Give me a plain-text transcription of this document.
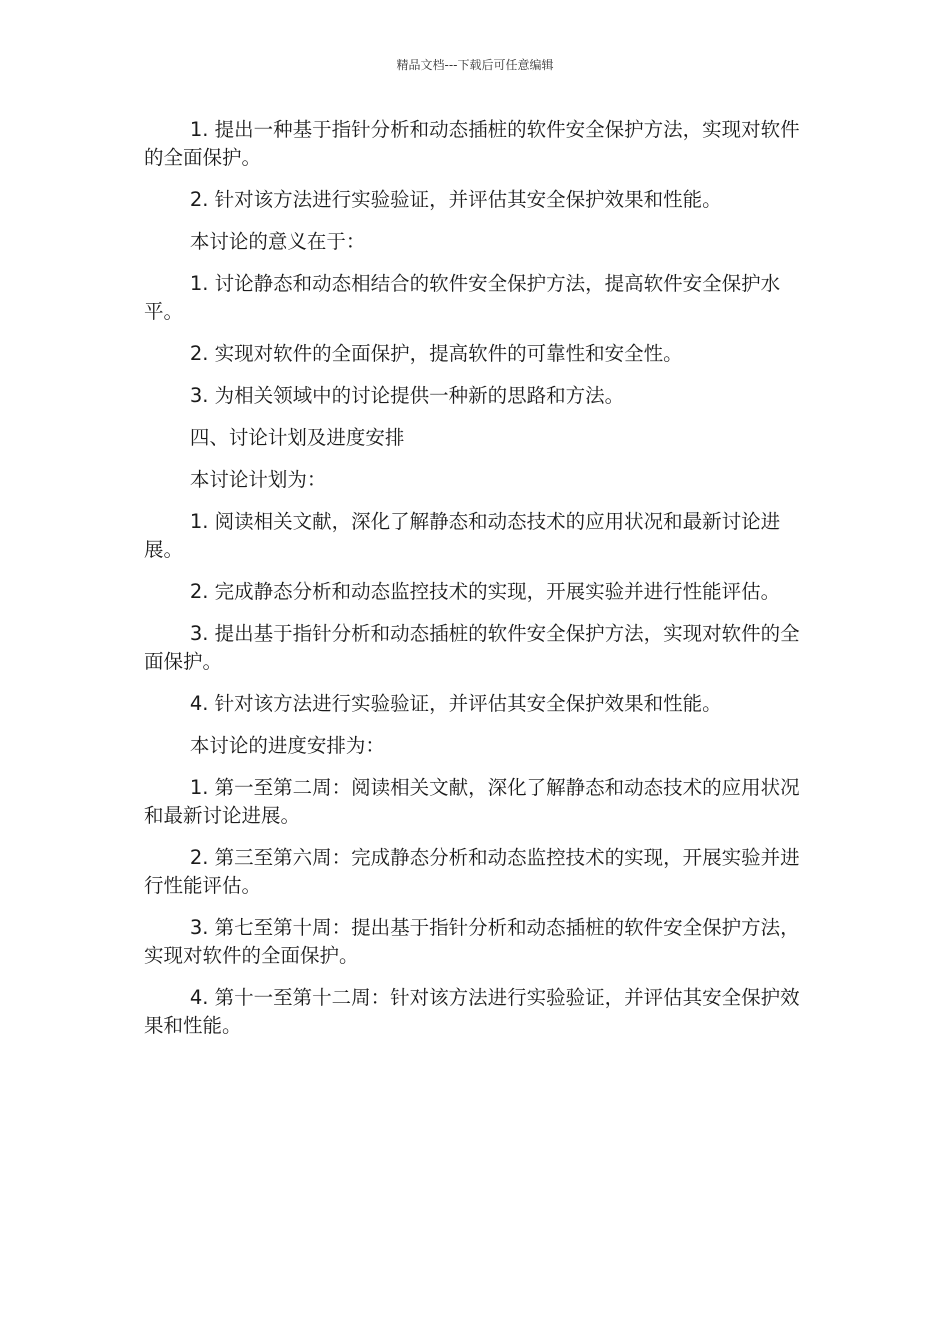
精品文档---下载后可任意编辑

1. 提出一种基于指针分析和动态插桩的软件安全保护方法，实现对软件的全面保护。

2. 针对该方法进行实验验证，并评估其安全保护效果和性能。

本讨论的意义在于：

1. 讨论静态和动态相结合的软件安全保护方法，提高软件安全保护水平。

2. 实现对软件的全面保护，提高软件的可靠性和安全性。

3. 为相关领域中的讨论提供一种新的思路和方法。

四、讨论计划及进度安排

本讨论计划为：

1. 阅读相关文献，深化了解静态和动态技术的应用状况和最新讨论进展。

2. 完成静态分析和动态监控技术的实现，开展实验并进行性能评估。

3. 提出基于指针分析和动态插桩的软件安全保护方法，实现对软件的全面保护。

4. 针对该方法进行实验验证，并评估其安全保护效果和性能。

本讨论的进度安排为：

1. 第一至第二周：阅读相关文献，深化了解静态和动态技术的应用状况和最新讨论进展。

2. 第三至第六周：完成静态分析和动态监控技术的实现，开展实验并进行性能评估。

3. 第七至第十周：提出基于指针分析和动态插桩的软件安全保护方法，实现对软件的全面保护。

4. 第十一至第十二周：针对该方法进行实验验证，并评估其安全保护效果和性能。
